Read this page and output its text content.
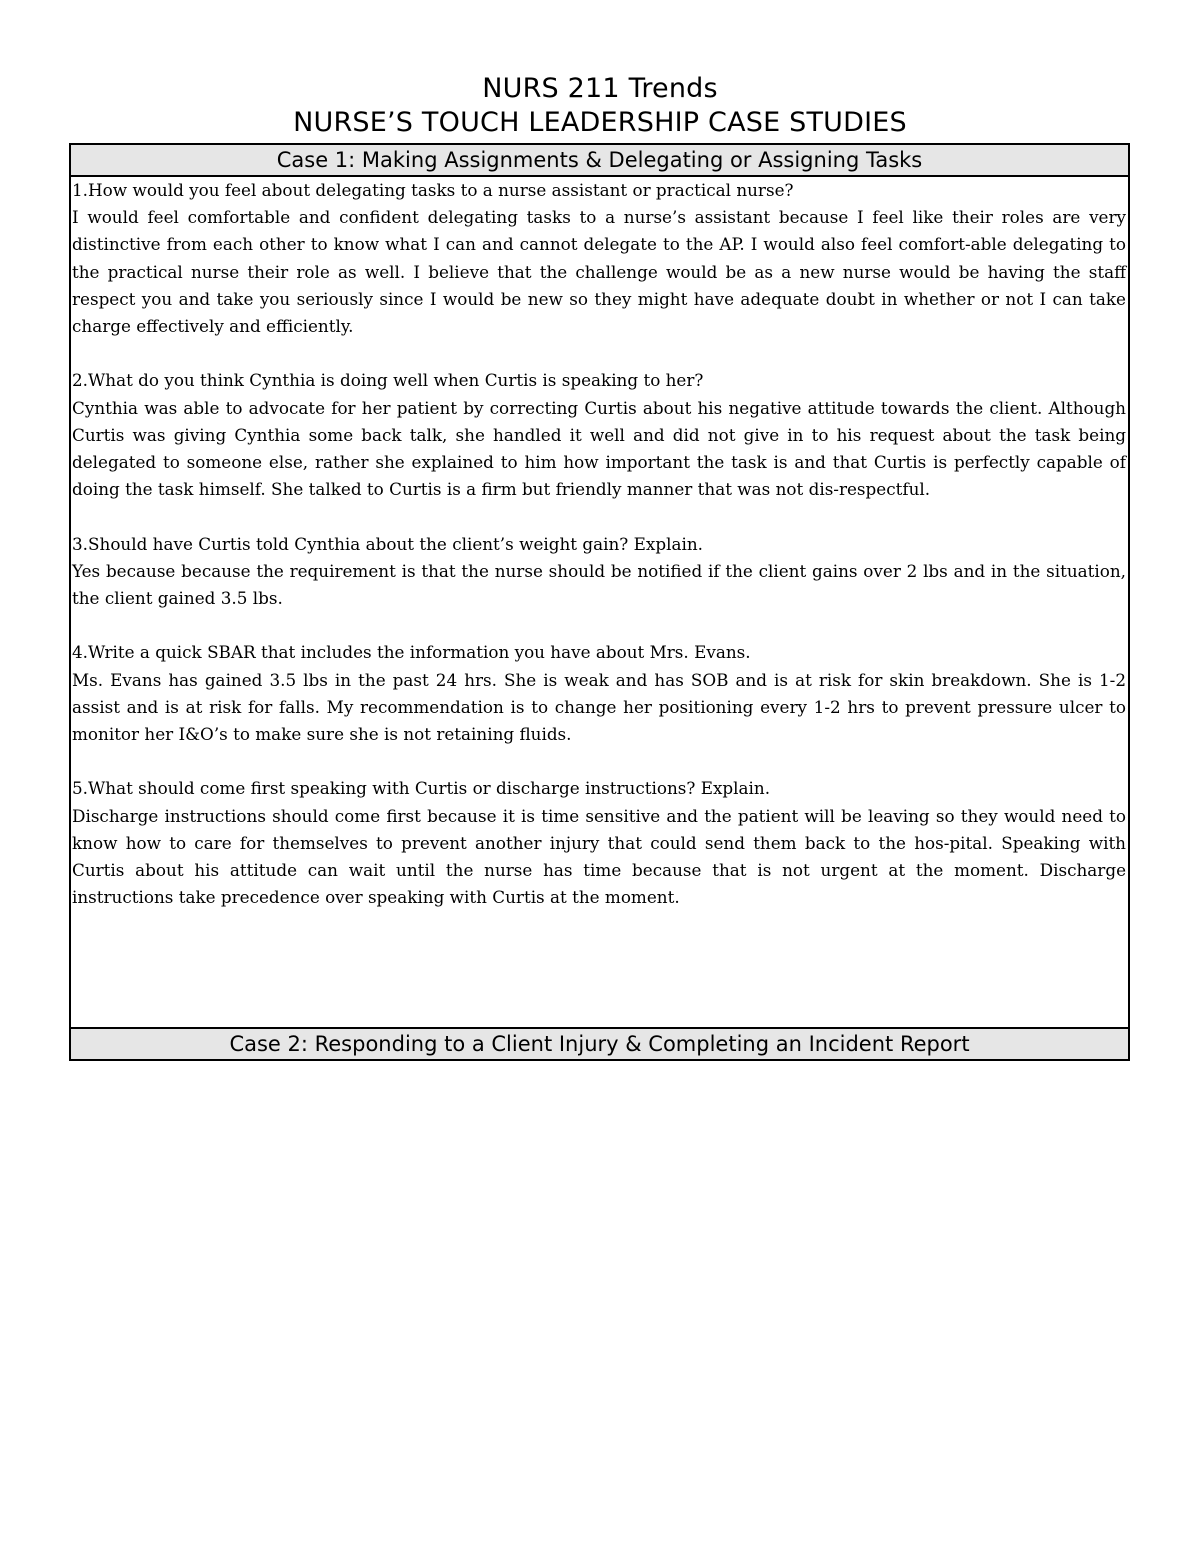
NURS 211 Trends
NURSE’S TOUCH LEADERSHIP CASE STUDIES
Case 1: Making Assignments & Delegating or Assigning Tasks

1.How would you feel about delegating tasks to a nurse assistant or practical nurse?

I would feel comfortable and confident delegating tasks to a nurse’s assistant because I feel like their roles are very distinctive from each other to know what I can and cannot delegate to the AP. I would also feel comfort-able delegating to the practical nurse their role as well. I believe that the challenge would be as a new nurse would be having the staff respect you and take you seriously since I would be new so they might have adequate doubt in whether or not I can take charge effectively and efficiently.

2.What do you think Cynthia is doing well when Curtis is speaking to her?

Cynthia was able to advocate for her patient by correcting Curtis about his negative attitude towards the client. Although Curtis was giving Cynthia some back talk, she handled it well and did not give in to his request about the task being delegated to someone else, rather she explained to him how important the task is and that Curtis is perfectly capable of doing the task himself. She talked to Curtis is a firm but friendly manner that was not dis-respectful.

3.Should have Curtis told Cynthia about the client’s weight gain? Explain.

Yes because because the requirement is that the nurse should be notified if the client gains over 2 lbs and in the situation, the client gained 3.5 lbs.

4.Write a quick SBAR that includes the information you have about Mrs. Evans.

Ms. Evans has gained 3.5 lbs in the past 24 hrs. She is weak and has SOB and is at risk for skin breakdown. She is 1-2 assist and is at risk for falls. My recommendation is to change her positioning every 1-2 hrs to prevent pressure ulcer to monitor her I&O’s to make sure she is not retaining fluids.

5.What should come first speaking with Curtis or discharge instructions? Explain.

Discharge instructions should come first because it is time sensitive and the patient will be leaving so they would need to know how to care for themselves to prevent another injury that could send them back to the hos-pital. Speaking with Curtis about his attitude can wait until the nurse has time because that is not urgent at the moment. Discharge instructions take precedence over speaking with Curtis at the moment.

Case 2: Responding to a Client Injury & Completing an Incident Report
